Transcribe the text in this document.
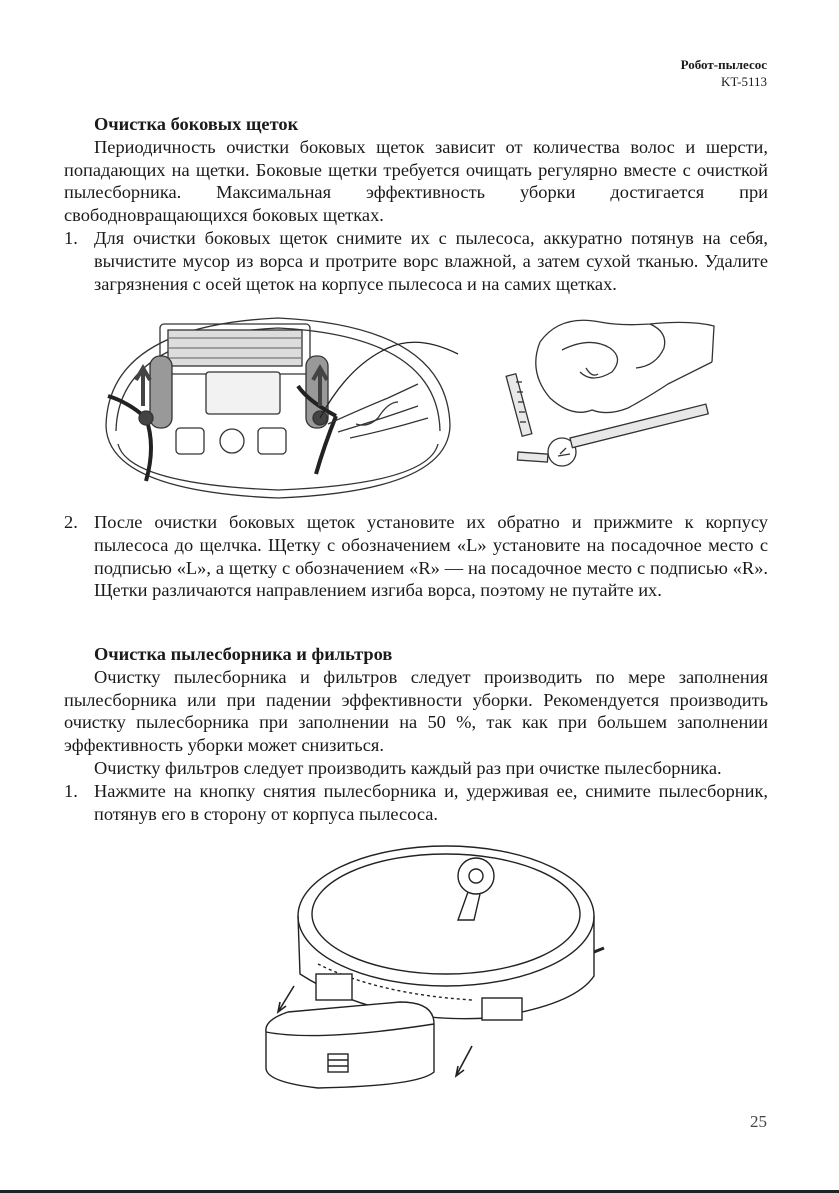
Робот-пылесос
KT-5113
Очистка боковых щеток

Периодичность очистки боковых щеток зависит от количества волос и шерсти, попадающих на щетки. Боковые щетки требуется очищать регулярно вместе с очисткой пылесборника. Максимальная эффективность уборки достигается при свободновращающихся боковых щетках.

1. Для очистки боковых щеток снимите их с пылесоса, аккуратно потянув на себя, вычистите мусор из ворса и протрите ворс влажной, а затем сухой тканью. Удалите загрязнения с осей щеток на корпусе пылесоса и на самих щетках.
2. После очистки боковых щеток установите их обратно и прижмите к корпусу пылесоса до щелчка. Щетку с обозначением «L» установите на посадочное место с подписью «L», а щетку с обозначением «R» — на посадочное место с подписью «R». Щетки различаются направлением изгиба ворса, поэтому не путайте их.
Очистка пылесборника и фильтров

Очистку пылесборника и фильтров следует производить по мере заполнения пылесборника или при падении эффективности уборки. Рекомендуется производить очистку пылесборника при заполнении на 50 %, так как при большем заполнении эффективность уборки может снизиться.

Очистку фильтров следует производить каждый раз при очистке пылесборника.

1. Нажмите на кнопку снятия пылесборника и, удерживая ее, снимите пылесборник, потянув его в сторону от корпуса пылесоса.
25
